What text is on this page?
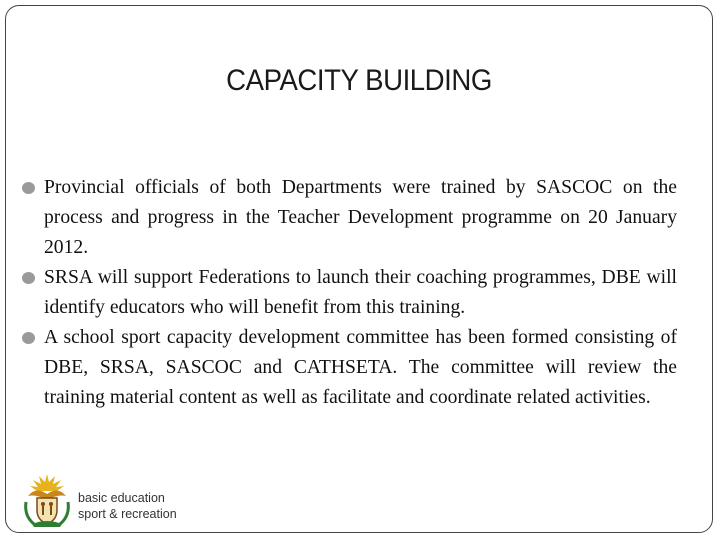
CAPACITY BUILDING
Provincial officials of both Departments were trained by SASCOC on the process and progress in the Teacher Development programme on 20 January 2012.
SRSA will support Federations to launch their coaching programmes, DBE will identify educators who will benefit from this training.
A school sport capacity development committee has been formed consisting of DBE, SRSA, SASCOC and CATHSETA. The committee will review the training material content as well as facilitate and coordinate related activities.
basic education
sport & recreation
